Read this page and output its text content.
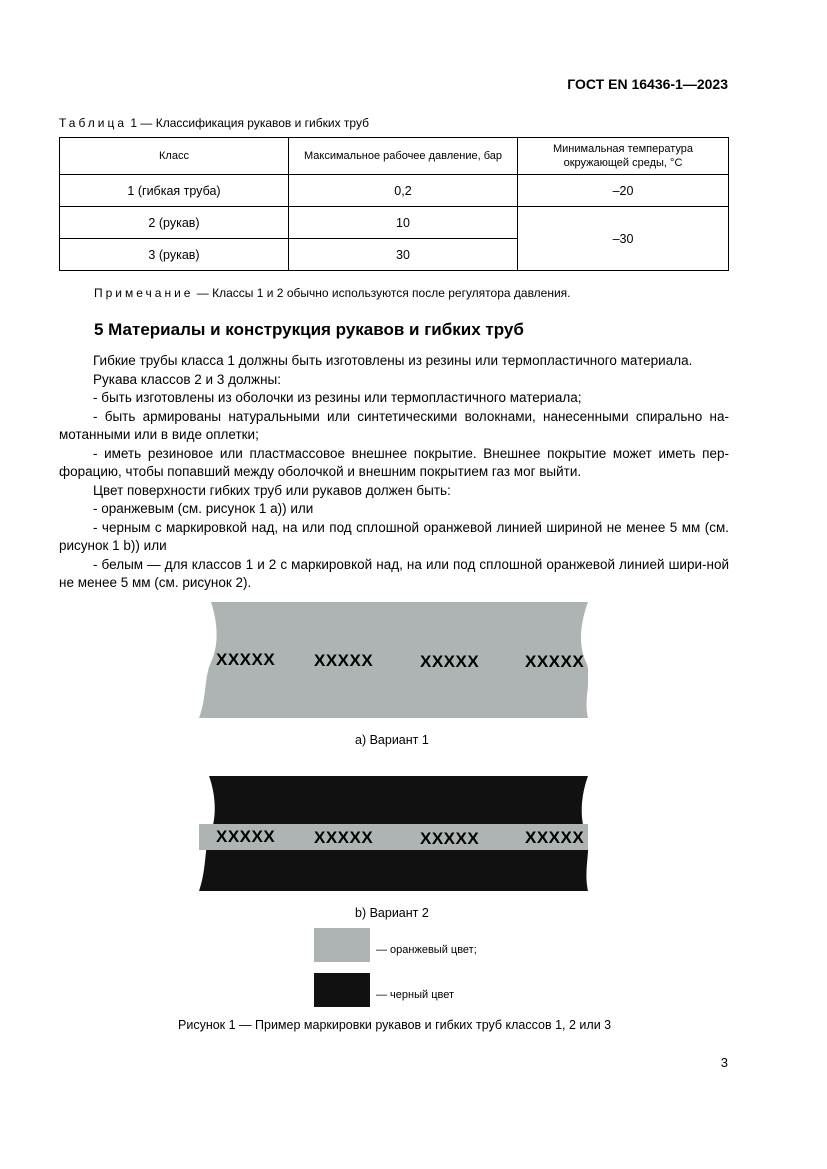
ГОСТ EN 16436-1—2023
Таблица 1 — Классификация рукавов и гибких труб
Класс	Максимальное рабочее давление, бар	Минимальная температура окружающей среды, °С
1 (гибкая труба)	0,2	–20
2 (рукав)	10	–30
3 (рукав)	30	
Примечание — Классы 1 и 2 обычно используются после регулятора давления.
5 Материалы и конструкция рукавов и гибких труб

Гибкие трубы класса 1 должны быть изготовлены из резины или термопластичного материала.

Рукава классов 2 и 3 должны:

- быть изготовлены из оболочки из резины или термопластичного материала;

- быть армированы натуральными или синтетическими волокнами, нанесенными спирально на-мотанными или в виде оплетки;

- иметь резиновое или пластмассовое внешнее покрытие. Внешнее покрытие может иметь пер-форацию, чтобы попавший между оболочкой и внешним покрытием газ мог выйти.

Цвет поверхности гибких труб или рукавов должен быть:

- оранжевым (см. рисунок 1 а)) или

- черным с маркировкой над, на или под сплошной оранжевой линией шириной не менее 5 мм (см. рисунок 1 b)) или

- белым — для классов 1 и 2 с маркировкой над, на или под сплошной оранжевой линией шири-ной не менее 5 мм (см. рисунок 2).

XXXXX XXXXX	XXXXX	XXXXX
а) Вариант 1
XXXXX XXXXX	XXXXX	XXXXX
b) Вариант 2
— оранжевый цвет;
— черный цвет
Рисунок 1 — Пример маркировки рукавов и гибких труб классов 1, 2 или 3
3
